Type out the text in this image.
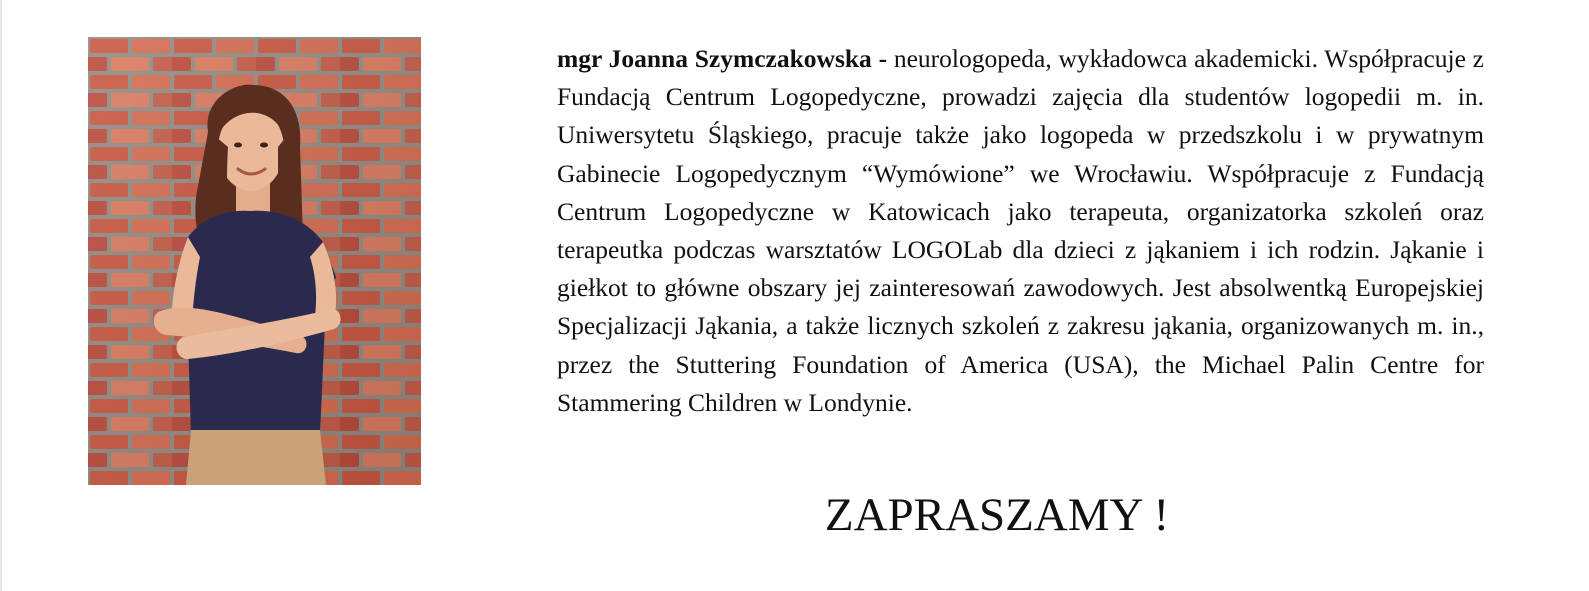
mgr Joanna Szymczakowska - neurologopeda, wykładowca akademicki. Współpracuje z Fundacją Centrum Logopedyczne, prowadzi zajęcia dla studentów logopedii m. in. Uniwersytetu Śląskiego, pracuje także jako logopeda w przedszkolu i w prywatnym Gabinecie Logopedycznym “Wymówione” we Wrocławiu. Współpracuje z Fundacją Centrum Logopedyczne w Katowicach jako terapeuta, organizatorka szkoleń oraz terapeutka podczas warsztatów LOGOLab dla dzieci z jąkaniem i ich rodzin. Jąkanie i giełkot to główne obszary jej zainteresowań zawodowych. Jest absolwentką Europejskiej Specjalizacji Jąkania, a także licznych szkoleń z zakresu jąkania, organizowanych m. in., przez the Stuttering Foundation of America (USA), the Michael Palin Centre for Stammering Children w Londynie.

ZAPRASZAMY !
